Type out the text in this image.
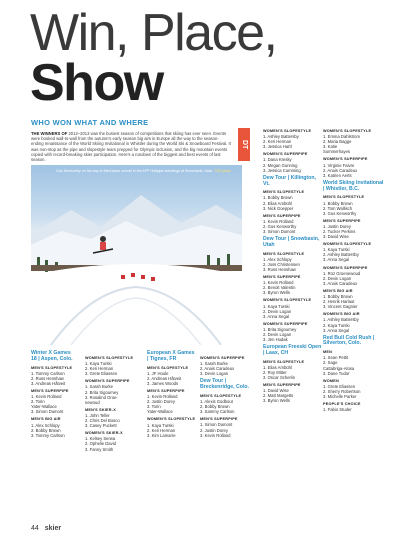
Win, Place,
Show
WHO WON WHAT AND WHERE
THE WINNERS OF 2012–2013 was the busiest season of competitions that skiing has ever seen. Events were booked wall-to-wall from the autumn's early season big airs in Europe all the way to the season-ending renaissance of the World Skiing Invitational in Whistler during the World Ski & Snowboard Festival. It was non-stop as the pipe and slopestyle team prepped for Olympic inclusion, and the big mountain events copied with record-breaking skier participation. Here's a rundown of the biggest and best events of last season.
DT
Gus Kenworthy on his way to third place overall in the AFP Halfpipe standings at Snowbasin, Utah. TKE photo
Winter X Games 18 | Aspen, Colo.
MEN'S SLOPESTYLE
1. Tommy Carlson
2. Russ Henshaw
3. Andreas Håtveit
MEN'S SUPERPIPE
1. Kevin Rolland
2. Torin
Yater-Wallace
3. Simon Dumont
MEN'S BIG AIR
1. Alex Schlopy
2. Bobby Brown
3. Tommy Carlson
WOMEN'S SLOPESTYLE
1. Kaya Turski
2. Keri Herman
3. Grete Eliassen
WOMEN'S SUPERPIPE
1. Sarah Burke
2. Brita Sigourney
3. Rosalind Groe-
newoud
MEN'S SKIER-X
1. John Teller
2. Chris Del Bosco
3. Casey Puckett
WOMEN'S SKIER-X
1. Kelsey Serwa
2. Ophelie David
3. Fanny Smith
European X Games | Tignes, FR
MEN'S SLOPESTYLE
1. JF Houle
2. Andreas Håtveit
3. James Woods
MEN'S SUPERPIPE
1. Kevin Rolland
2. Justin Dorey
3. Torin
Yater-Wallace
WOMEN'S SLOPESTYLE
1. Kaya Turski
2. Keri Herman
3. Kim Lamarre
WOMEN'S SUPERPIPE
1. Sarah Burke
2. Anais Caradeux
3. Devin Logan
Dew Tour | Breckenridge, Colo.
MEN'S SLOPESTYLE
1. Alexis Godbout
2. Bobby Brown
3. Sammy Carlson
MEN'S SUPERPIPE
1. Simon Dumont
2. Justin Dorey
3. Kevin Rolland
WOMEN'S SLOPESTYLE
1. Ashley Battersby
2. Keri Herman
3. Jessica Hartl
WOMEN'S SUPERPIPE
1. Dana Kresky
2. Megan Gunning
3. Jessica Cumming
Dew Tour | Killington, Vt.
MEN'S SLOPESTYLE
1. Bobby Brown
2. Elias Ambühl
3. Nick Goepper
MEN'S SUPERPIPE
1. Kevin Rolland
2. Gus Kenworthy
3. Simon Dumont
Dew Tour | Snowbasin, Utah
MEN'S SLOPESTYLE
1. Alex Schlopy
2. Joss Christensen
3. Russ Henshaw
MEN'S SUPERPIPE
1. Kevin Rolland
2. Benoit Valentin
3. Byron Wells
WOMEN'S SLOPESTYLE
1. Kaya Turski
2. Devin Logan
3. Anna Segal
WOMEN'S SUPERPIPE
1. Brita Sigourney
2. Devin Logan
3. Jen Hudak
European Freeski Open | Laax, CH
MEN'S SLOPESTYLE
1. Elias Ambühl
2. Roy Mitter
3. Oscar Scherlin
MEN'S SUPERPIPE
1. David Wise
2. Matt Margetts
3. Byron Wells
WOMEN'S SLOPESTYLE
1. Emma Dahlstrom
2. Maria Bagge
3. Katie
Summerhayes
WOMEN'S SUPERPIPE
1. Virginie Faivre
2. Anais Caradeux
3. Katrien Aerts
World Skiing Invitational | Whistler, B.C.
MEN'S SLOPESTYLE
1. Bobby Brown
2. Tom Wallisch
3. Gus Kenworthy
MEN'S SUPERPIPE
1. Justin Dorey
2. Tucker Perkins
3. David Wise
WOMEN'S SLOPESTYLE
1. Kaya Turski
2. Ashley Battersby
3. Anna Segal
WOMEN'S SUPERPIPE
1. Roz Groenewoud
2. Devin Logan
3. Anais Caradeux
MEN'S BIG AIR
1. Bobby Brown
2. Henrik Harlaut
3. Vincent Gagnier
WOMEN'S BIG AIR
1. Ashley Battersby
2. Kaya Turski
3. Anna Segal
Red Bull Cold Rush | Silverton, Colo.
MEN
1. Sean Pettit
2. Sage
Cattabriga-Alosa
3. Dane Tudor
WOMEN
1. Grete Eliassen
2. Sherry Robertson
3. Michelle Parker
PEOPLE'S CHOICE
1. Fabio Studer
44 skier
